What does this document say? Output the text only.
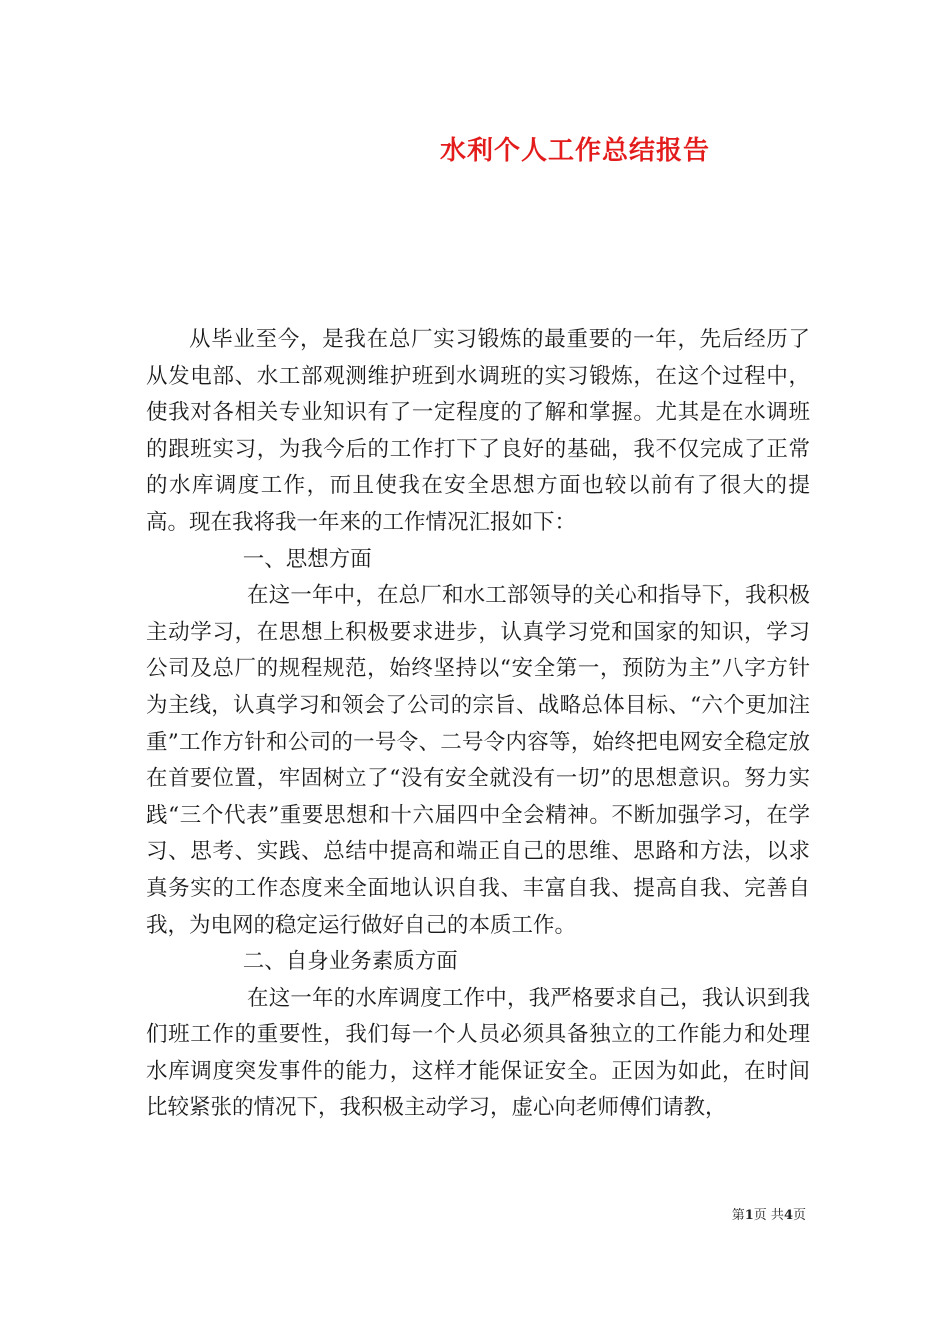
水利个人工作总结报告

从毕业至今，是我在总厂实习锻炼的最重要的一年，先后经历了从发电部、水工部观测维护班到水调班的实习锻炼，在这个过程中，使我对各相关专业知识有了一定程度的了解和掌握。尤其是在水调班的跟班实习，为我今后的工作打下了良好的基础，我不仅完成了正常的水库调度工作，而且使我在安全思想方面也较以前有了很大的提高。现在我将我一年来的工作情况汇报如下：

一、思想方面

在这一年中，在总厂和水工部领导的关心和指导下，我积极主动学习，在思想上积极要求进步，认真学习党和国家的知识，学习公司及总厂的规程规范，始终坚持以“安全第一，预防为主”八字方针为主线，认真学习和领会了公司的宗旨、战略总体目标、“六个更加注重”工作方针和公司的一号令、二号令内容等，始终把电网安全稳定放在首要位置，牢固树立了“没有安全就没有一切”的思想意识。努力实践“三个代表”重要思想和十六届四中全会精神。不断加强学习，在学习、思考、实践、总结中提高和端正自己的思维、思路和方法，以求真务实的工作态度来全面地认识自我、丰富自我、提高自我、完善自我，为电网的稳定运行做好自己的本质工作。

二、自身业务素质方面

在这一年的水库调度工作中，我严格要求自己，我认识到我们班工作的重要性，我们每一个人员必须具备独立的工作能力和处理水库调度突发事件的能力，这样才能保证安全。正因为如此，在时间比较紧张的情况下，我积极主动学习，虚心向老师傅们请教，

第1页 共4页
